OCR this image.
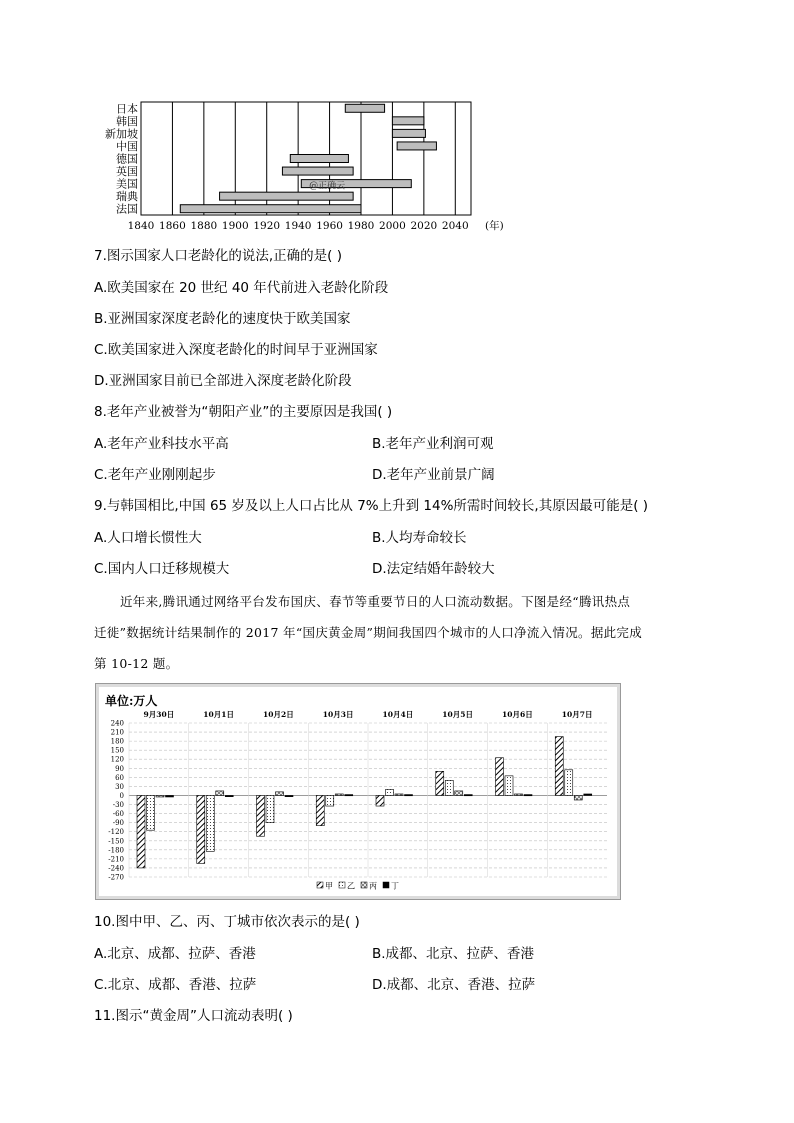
1840 1860 1880 1900 1920 1940 1960 1980 2000 2020 2040 (年)
日本
韩国
新加坡
中国
德国
英国
美国
瑞典
法国
@正确云
7.图示国家人口老龄化的说法,正确的是( )
A.欧美国家在 20 世纪 40 年代前进入老龄化阶段
B.亚洲国家深度老龄化的速度快于欧美国家
C.欧美国家进入深度老龄化的时间早于亚洲国家
D.亚洲国家目前已全部进入深度老龄化阶段
8.老年产业被誉为“朝阳产业”的主要原因是我国( )
A.老年产业科技水平高	B.老年产业利润可观
C.老年产业刚刚起步	D.老年产业前景广阔
9.与韩国相比,中国 65 岁及以上人口占比从 7%上升到 14%所需时间较长,其原因最可能是( )
A.人口增长惯性大	B.人均寿命较长
C.国内人口迁移规模大	D.法定结婚年龄较大

近年来,腾讯通过网络平台发布国庆、春节等重要节日的人口流动数据。下图是经“腾讯热点

迁徙”数据统计结果制作的 2017 年“国庆黄金周”期间我国四个城市的人口净流入情况。据此完成

第 10-12 题。

单位:万人
240
210
180
150
120
90
60
30
0
-30
-60
-90
-120
-150
-180
-210
-240
-270
9月30日	10月1日	10月2日	10月3日	10月4日	10月5日	10月6日	10月7日
甲 乙 丙 丁
10.图中甲、乙、丙、丁城市依次表示的是( )
A.北京、成都、拉萨、香港	B.成都、北京、拉萨、香港
C.北京、成都、香港、拉萨	D.成都、北京、香港、拉萨
11.图示“黄金周”人口流动表明( )
